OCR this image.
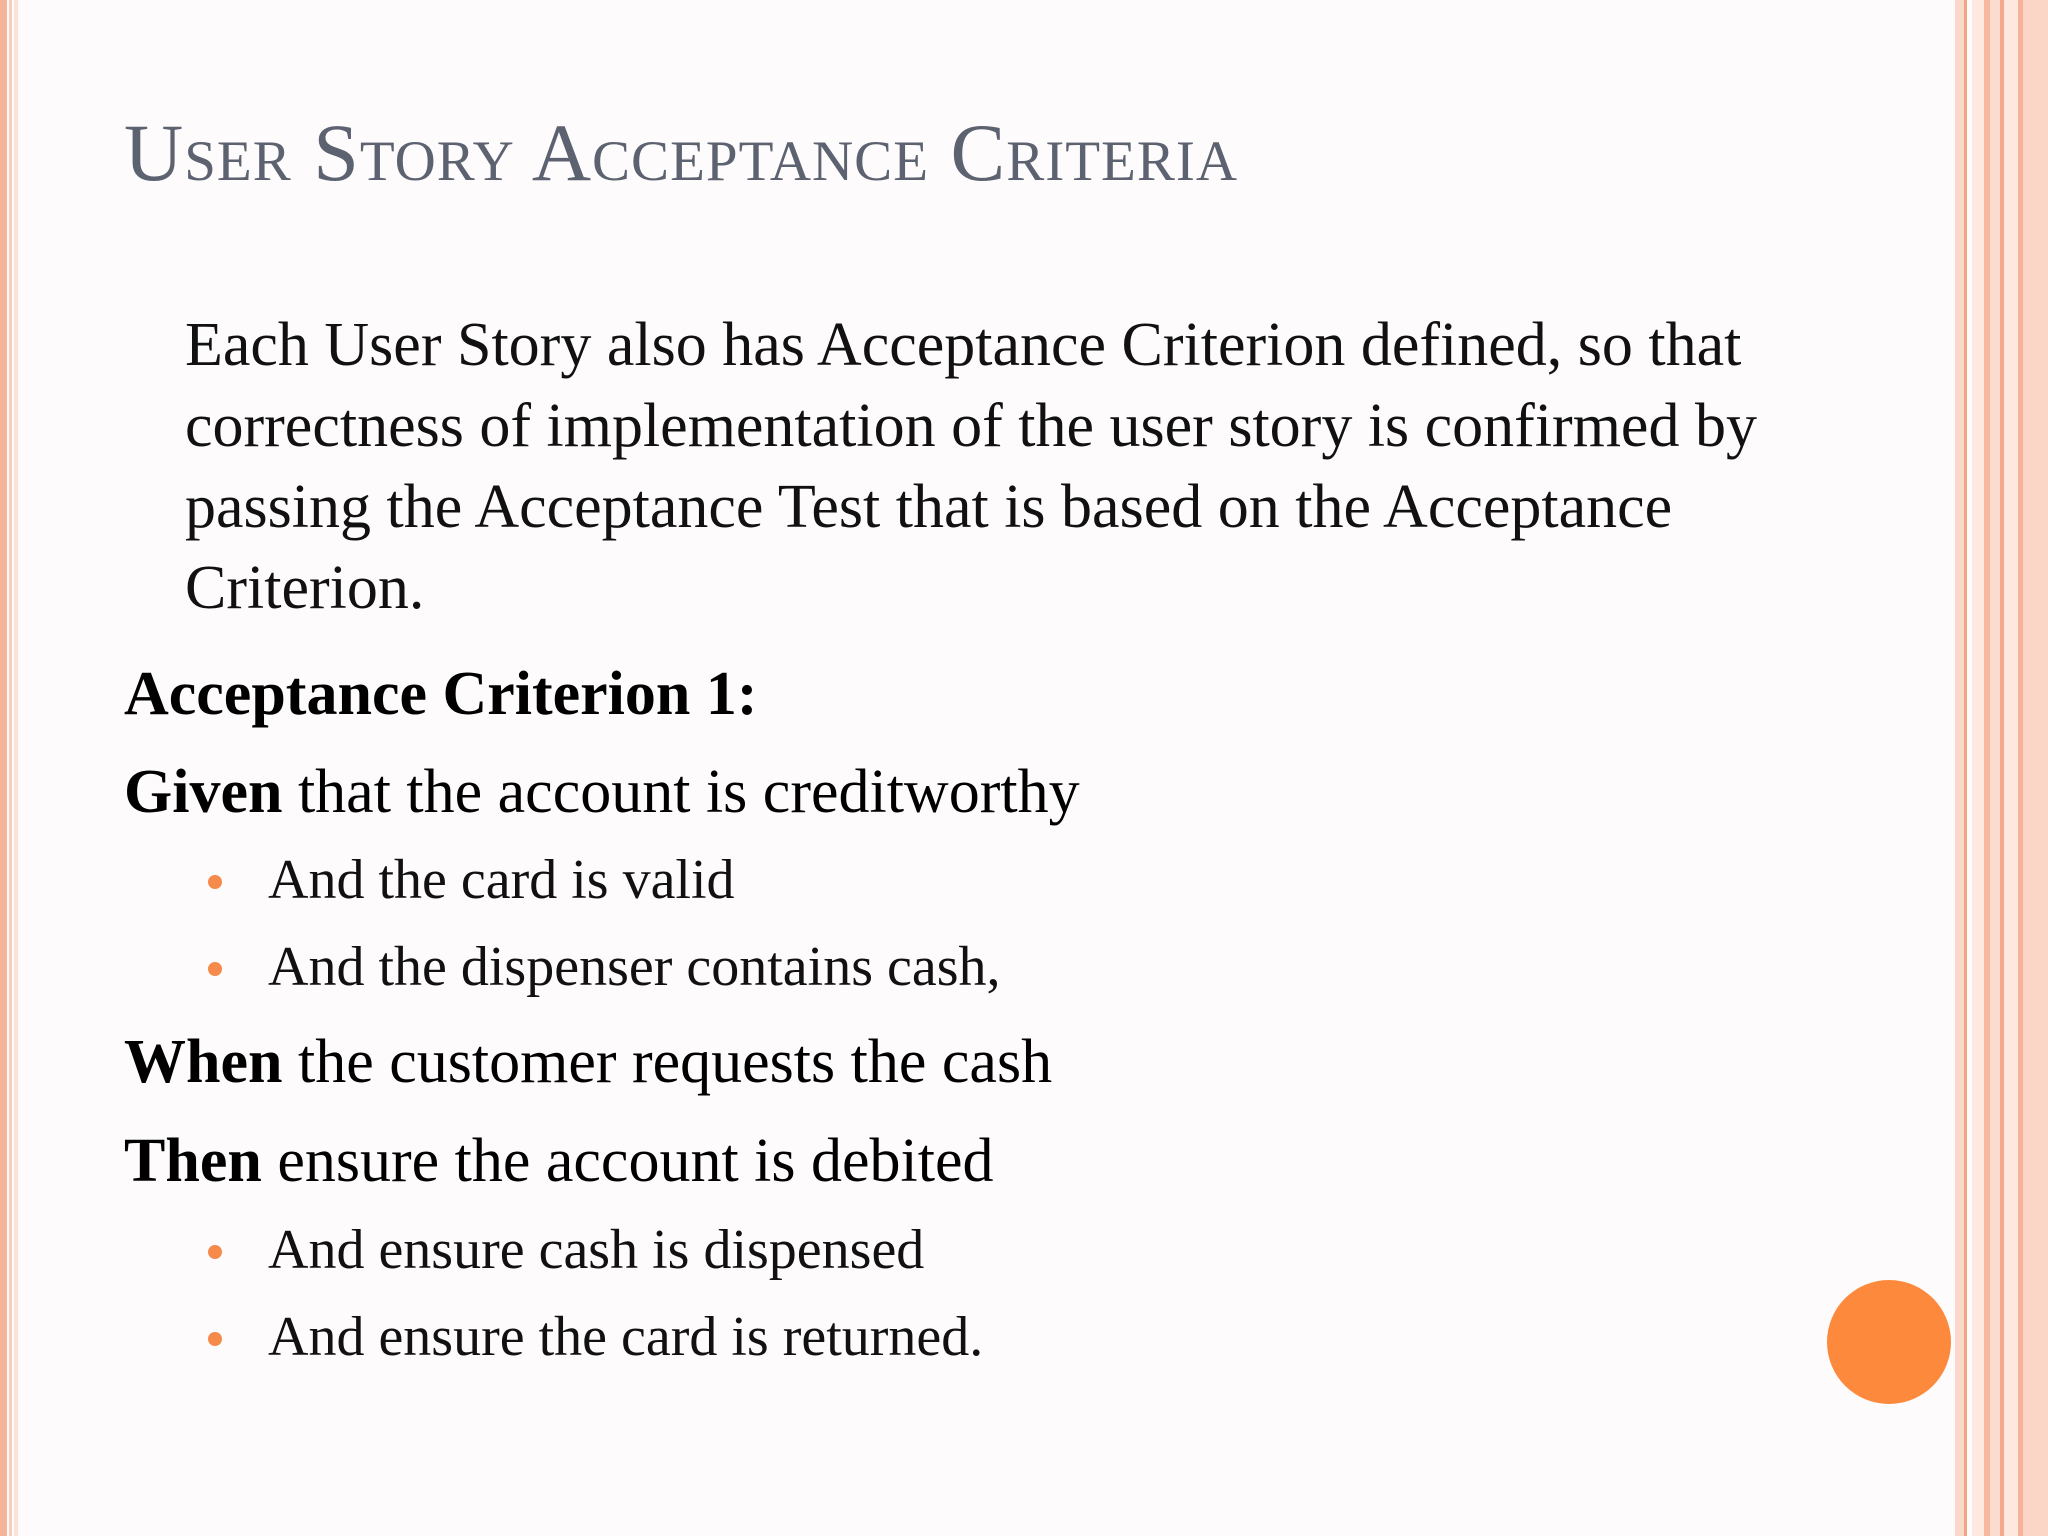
User Story Acceptance Criteria
Each User Story also has Acceptance Criterion defined, so that correctness of implementation of the user story is confirmed by passing the Acceptance Test that is based on the Acceptance Criterion.
Acceptance Criterion 1:
Given that the account is creditworthy
And the card is valid
And the dispenser contains cash,
When the customer requests the cash
Then ensure the account is debited
And ensure cash is dispensed
And ensure the card is returned.
